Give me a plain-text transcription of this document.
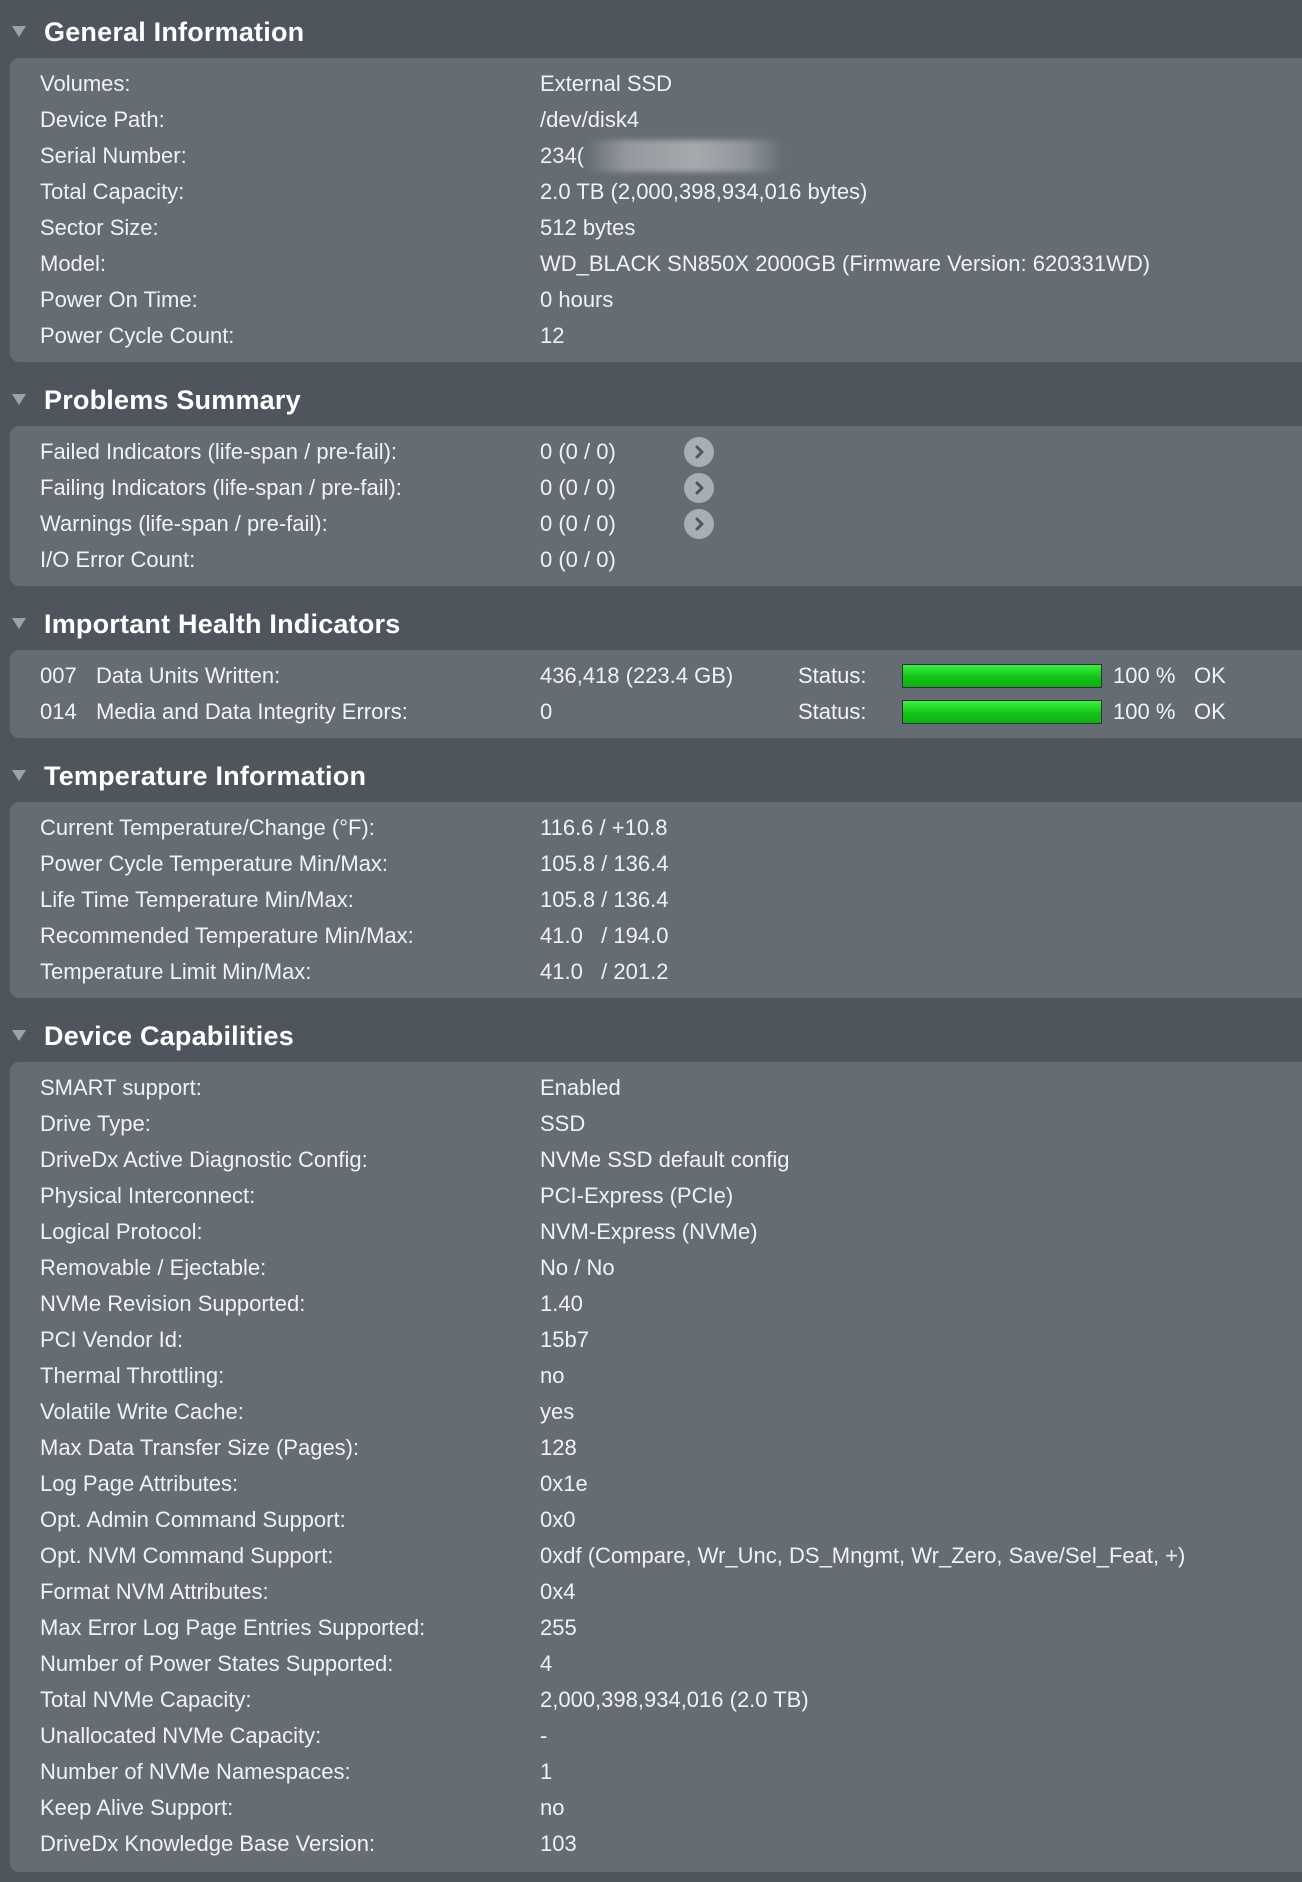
General Information
Volumes:	External SSD
Device Path:	/dev/disk4
Serial Number:	234(
Total Capacity:	2.0 TB (2,000,398,934,016 bytes)
Sector Size:	512 bytes
Model:	WD_BLACK SN850X 2000GB (Firmware Version: 620331WD)
Power On Time:	0 hours
Power Cycle Count:	12
Problems Summary
Failed Indicators (life-span / pre-fail):	0 (0 / 0)
Failing Indicators (life-span / pre-fail):	0 (0 / 0)
Warnings (life-span / pre-fail):	0 (0 / 0)
I/O Error Count:	0 (0 / 0)
Important Health Indicators
007 Data Units Written:	436,418 (223.4 GB)	Status:	100 % OK
014 Media and Data Integrity Errors:	0	Status:	100 % OK
Temperature Information
Current Temperature/Change (°F):	116.6 / +10.8
Power Cycle Temperature Min/Max:	105.8 / 136.4
Life Time Temperature Min/Max:	105.8 / 136.4
Recommended Temperature Min/Max:	41.0   / 194.0
Temperature Limit Min/Max:	41.0   / 201.2
Device Capabilities
SMART support:	Enabled
Drive Type:	SSD
DriveDx Active Diagnostic Config:	NVMe SSD default config
Physical Interconnect:	PCI-Express (PCIe)
Logical Protocol:	NVM-Express (NVMe)
Removable / Ejectable:	No / No
NVMe Revision Supported:	1.40
PCI Vendor Id:	15b7
Thermal Throttling:	no
Volatile Write Cache:	yes
Max Data Transfer Size (Pages):	128
Log Page Attributes:	0x1e
Opt. Admin Command Support:	0x0
Opt. NVM Command Support:	0xdf (Compare, Wr_Unc, DS_Mngmt, Wr_Zero, Save/Sel_Feat, +)
Format NVM Attributes:	0x4
Max Error Log Page Entries Supported:	255
Number of Power States Supported:	4
Total NVMe Capacity:	2,000,398,934,016 (2.0 TB)
Unallocated NVMe Capacity:	-
Number of NVMe Namespaces:	1
Keep Alive Support:	no
DriveDx Knowledge Base Version:	103
